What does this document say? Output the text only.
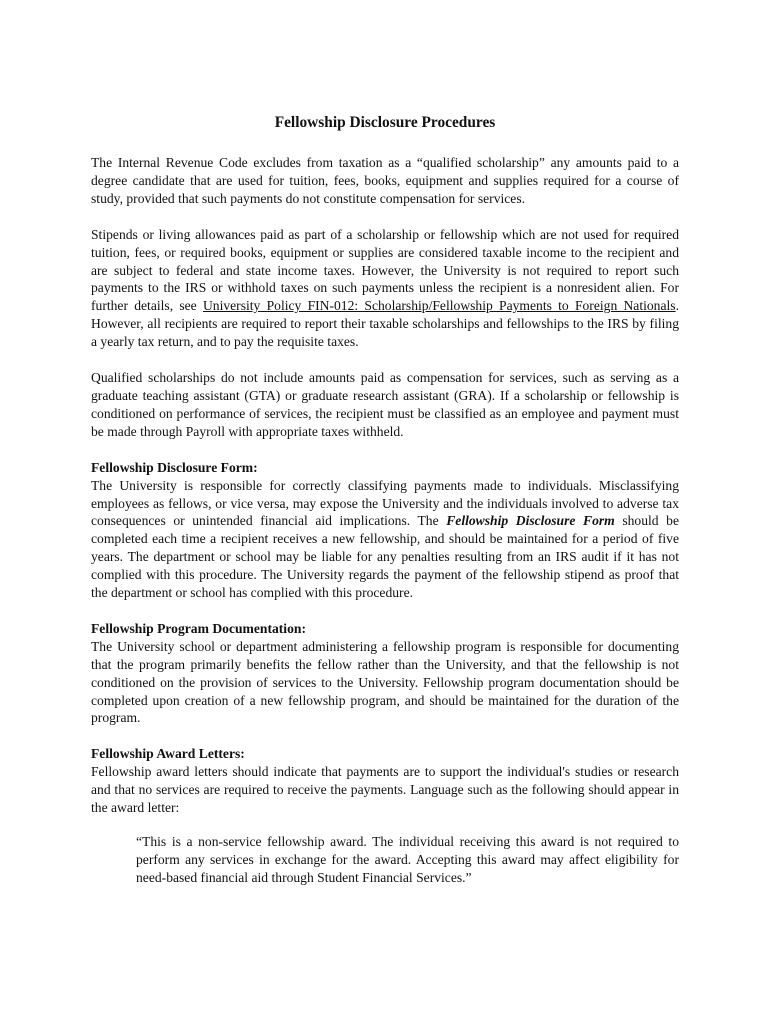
Fellowship Disclosure Procedures

The Internal Revenue Code excludes from taxation as a “qualified scholarship” any amounts paid to a degree candidate that are used for tuition, fees, books, equipment and supplies required for a course of study, provided that such payments do not constitute compensation for services.

Stipends or living allowances paid as part of a scholarship or fellowship which are not used for required tuition, fees, or required books, equipment or supplies are considered taxable income to the recipient and are subject to federal and state income taxes. However, the University is not required to report such payments to the IRS or withhold taxes on such payments unless the recipient is a nonresident alien. For further details, see University Policy FIN-012: Scholarship/Fellowship Payments to Foreign Nationals. However, all recipients are required to report their taxable scholarships and fellowships to the IRS by filing a yearly tax return, and to pay the requisite taxes.

Qualified scholarships do not include amounts paid as compensation for services, such as serving as a graduate teaching assistant (GTA) or graduate research assistant (GRA). If a scholarship or fellowship is conditioned on performance of services, the recipient must be classified as an employee and payment must be made through Payroll with appropriate taxes withheld.

Fellowship Disclosure Form:
The University is responsible for correctly classifying payments made to individuals. Misclassifying employees as fellows, or vice versa, may expose the University and the individuals involved to adverse tax consequences or unintended financial aid implications. The Fellowship Disclosure Form should be completed each time a recipient receives a new fellowship, and should be maintained for a period of five years. The department or school may be liable for any penalties resulting from an IRS audit if it has not complied with this procedure. The University regards the payment of the fellowship stipend as proof that the department or school has complied with this procedure.
Fellowship Program Documentation:
The University school or department administering a fellowship program is responsible for documenting that the program primarily benefits the fellow rather than the University, and that the fellowship is not conditioned on the provision of services to the University. Fellowship program documentation should be completed upon creation of a new fellowship program, and should be maintained for the duration of the program.
Fellowship Award Letters:
Fellowship award letters should indicate that payments are to support the individual's studies or research and that no services are required to receive the payments. Language such as the following should appear in the award letter:

“This is a non-service fellowship award. The individual receiving this award is not required to perform any services in exchange for the award. Accepting this award may affect eligibility for need-based financial aid through Student Financial Services.”
